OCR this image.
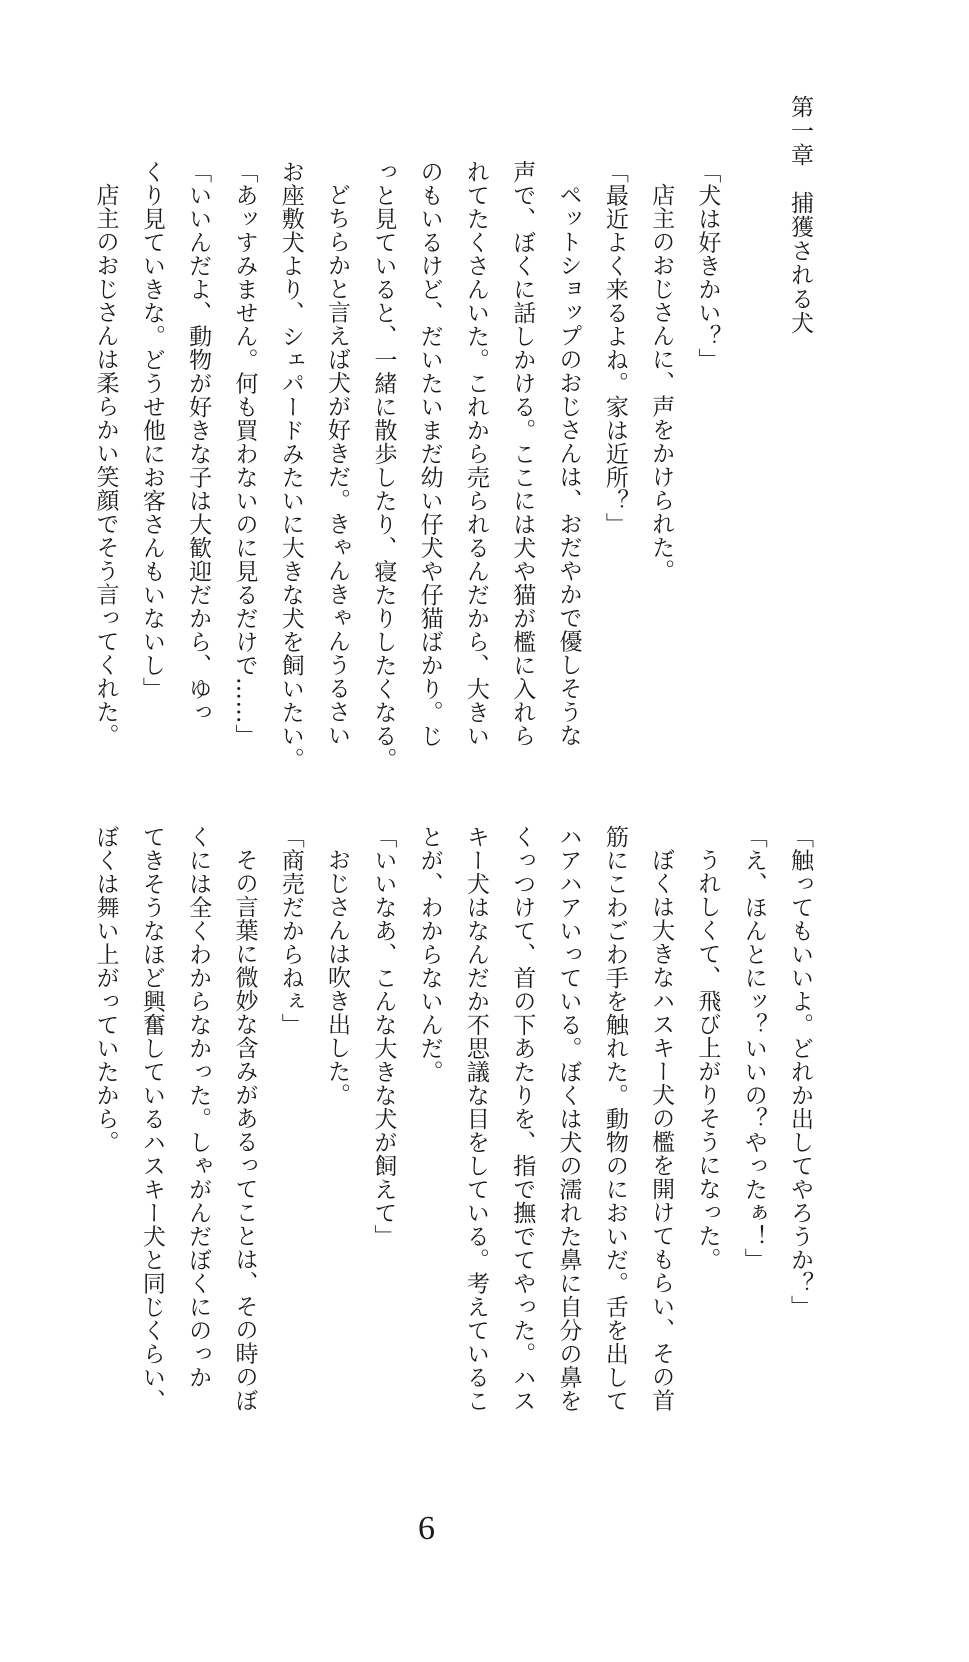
第一章　捕獲される犬
「犬は好きかい？」
店主のおじさんに、声をかけられた。
「最近よく来るよね。家は近所？」
ペットショップのおじさんは、おだやかで優しそうな
声で、ぼくに話しかける。ここには犬や猫が檻に入れら
れてたくさんいた。これから売られるんだから、大きい
のもいるけど、だいたいまだ幼い仔犬や仔猫ばかり。じ
っと見ていると、一緒に散歩したり、寝たりしたくなる。
どちらかと言えば犬が好きだ。きゃんきゃんうるさい
お座敷犬より、シェパードみたいに大きな犬を飼いたい。
「あッすみません。何も買わないのに見るだけで……」
「いいんだよ、動物が好きな子は大歓迎だから、ゆっ
くり見ていきな。どうせ他にお客さんもいないし」
店主のおじさんは柔らかい笑顔でそう言ってくれた。
「触ってもいいよ。どれか出してやろうか？」
「え、ほんとにッ？いいの？やったぁ！」
うれしくて、飛び上がりそうになった。
ぼくは大きなハスキー犬の檻を開けてもらい、その首
筋にこわごわ手を触れた。動物のにおいだ。舌を出して
ハアハアいっている。ぼくは犬の濡れた鼻に自分の鼻を
くっつけて、首の下あたりを、指で撫でてやった。ハス
キー犬はなんだか不思議な目をしている。考えているこ
とが、わからないんだ。
「いいなあ、こんな大きな犬が飼えて」
おじさんは吹き出した。
「商売だからねぇ」
その言葉に微妙な含みがあるってことは、その時のぼ
くには全くわからなかった。しゃがんだぼくにのっか
てきそうなほど興奮しているハスキー犬と同じくらい、
ぼくは舞い上がっていたから。
6
